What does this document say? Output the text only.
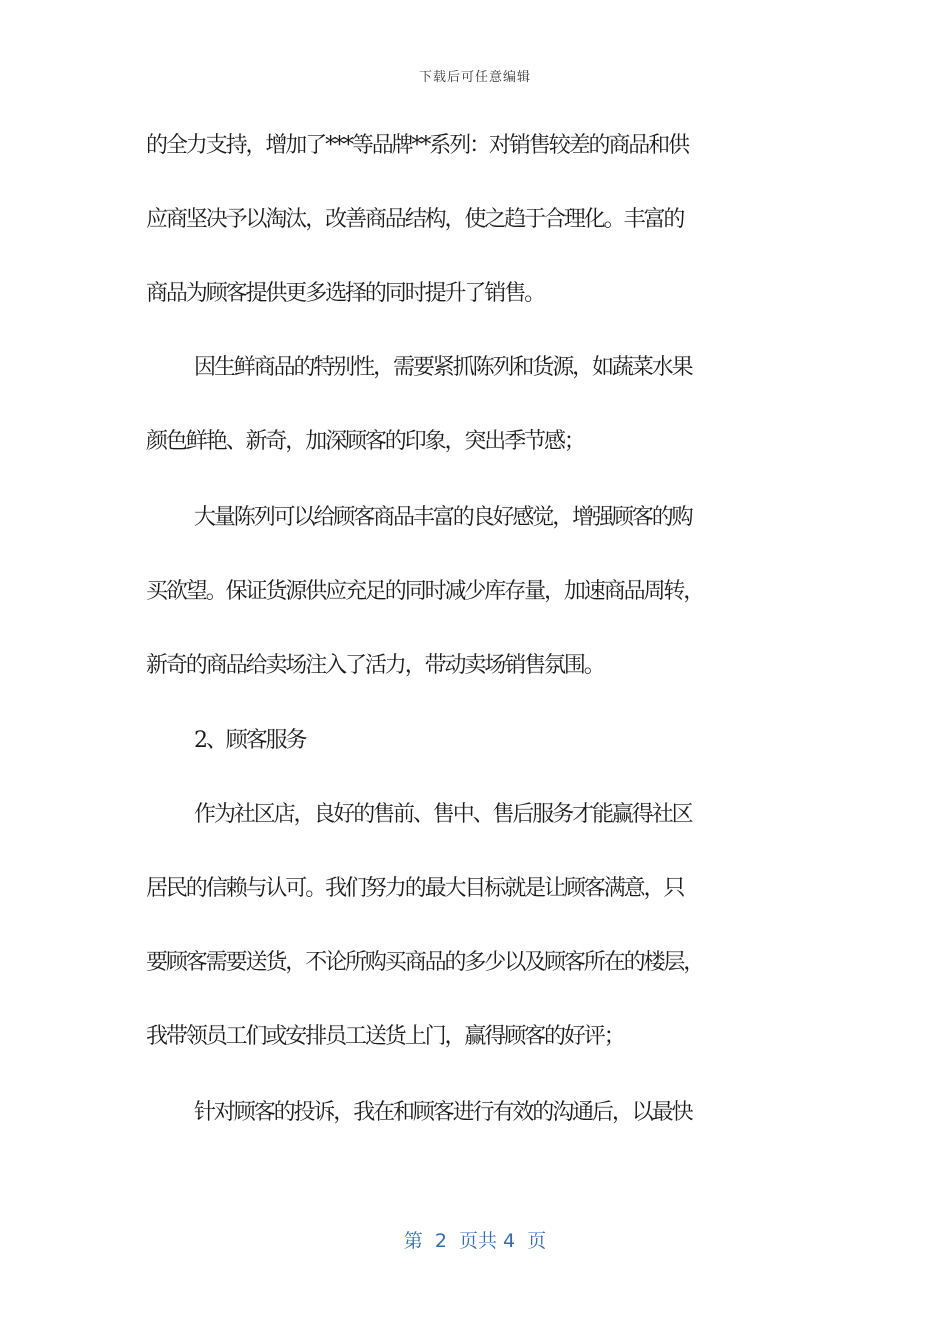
下载后可任意编辑
的全力支持，增加了***等品牌**系列：对销售较差的商品和供
应商坚决予以淘汰，改善商品结构，使之趋于合理化。丰富的
商品为顾客提供更多选择的同时提升了销售。
因生鲜商品的特别性，需要紧抓陈列和货源，如蔬菜水果
颜色鲜艳、新奇，加深顾客的印象，突出季节感；
大量陈列可以给顾客商品丰富的良好感觉，增强顾客的购
买欲望。保证货源供应充足的同时减少库存量，加速商品周转，
新奇的商品给卖场注入了活力，带动卖场销售氛围。
2、顾客服务
作为社区店，良好的售前、售中、售后服务才能赢得社区
居民的信赖与认可。我们努力的最大目标就是让顾客满意，只
要顾客需要送货，不论所购买商品的多少以及顾客所在的楼层，
我带领员工们或安排员工送货上门，赢得顾客的好评；
针对顾客的投诉，我在和顾客进行有效的沟通后，以最快
第  2  页共 4  页
